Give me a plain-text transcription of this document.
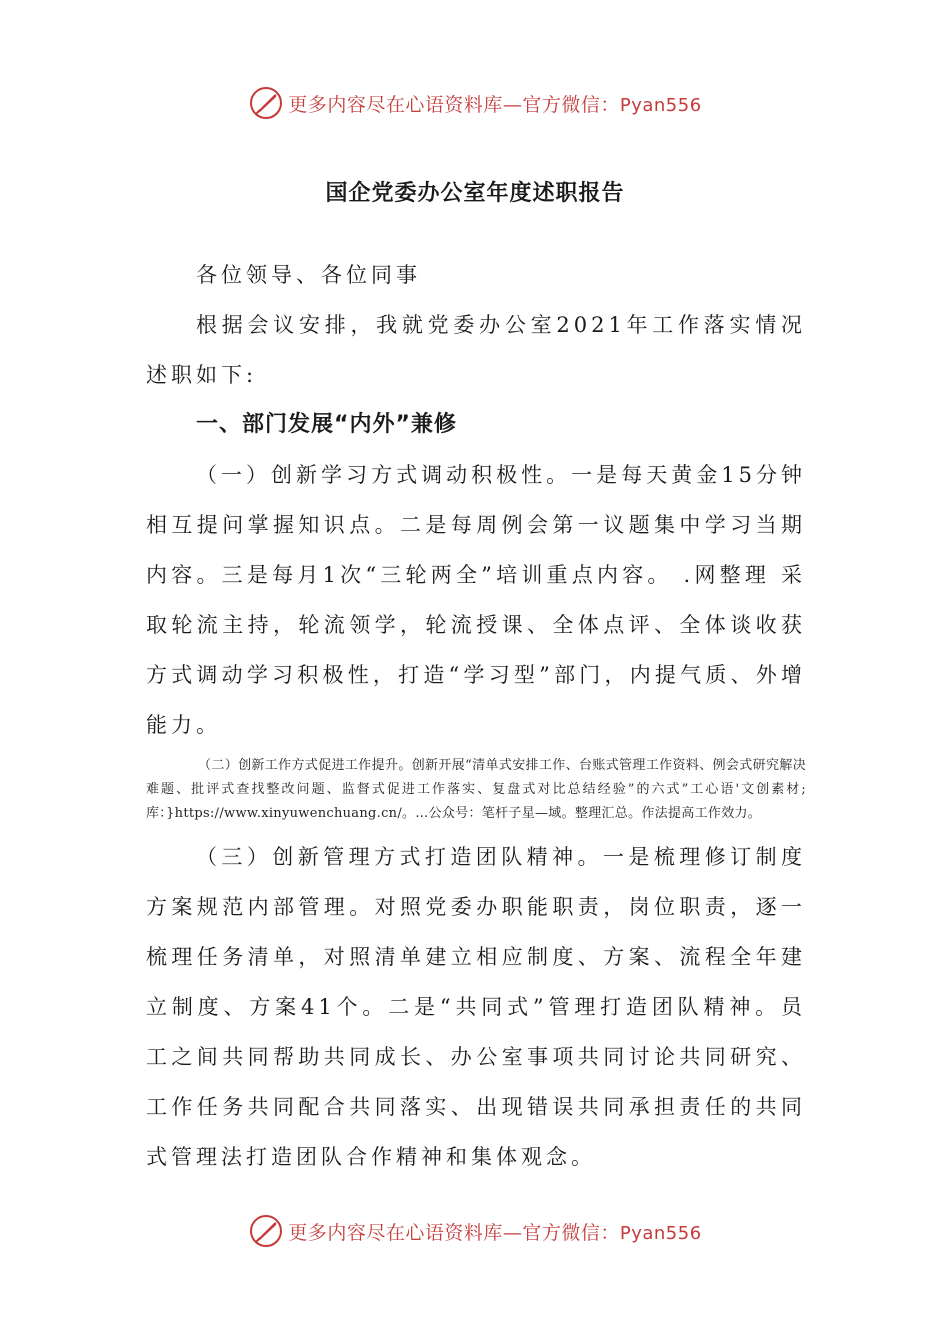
更多内容尽在心语资料库—官方微信：Pyan556
国企党委办公室年度述职报告

各位领导、各位同事

根据会议安排，我就党委办公室2021年工作落实情况述职如下:

一、部门发展“内外”兼修

（一）创新学习方式调动积极性。一是每天黄金15分钟相互提问掌握知识点。二是每周例会第一议题集中学习当期内容。三是每月1次“三轮两全”培训重点内容。 .网整理 采取轮流主持，轮流领学，轮流授课、全体点评、全体谈收获方式调动学习积极性，打造“学习型”部门，内提气质、外增能力。

（二）创新工作方式促进工作提升。创新开展“清单式安排工作、台账式管理工作资料、例会式研究解决难题、批评式查找整改问题、监督式促进工作落实、复盘式对比总结经验”的六式”工心语'文创素材;库：}https://www.xinyuwenchuang.cn/。…公众号：笔杆子星—域。整理汇总。作法提高工作效力。

（三）创新管理方式打造团队精神。一是梳理修订制度方案规范内部管理。对照党委办职能职责，岗位职责，逐一梳理任务清单，对照清单建立相应制度、方案、流程全年建立制度、方案41个。二是“共同式”管理打造团队精神。员工之间共同帮助共同成长、办公室事项共同讨论共同研究、工作任务共同配合共同落实、出现错误共同承担责任的共同式管理法打造团队合作精神和集体观念。

更多内容尽在心语资料库—官方微信：Pyan556
